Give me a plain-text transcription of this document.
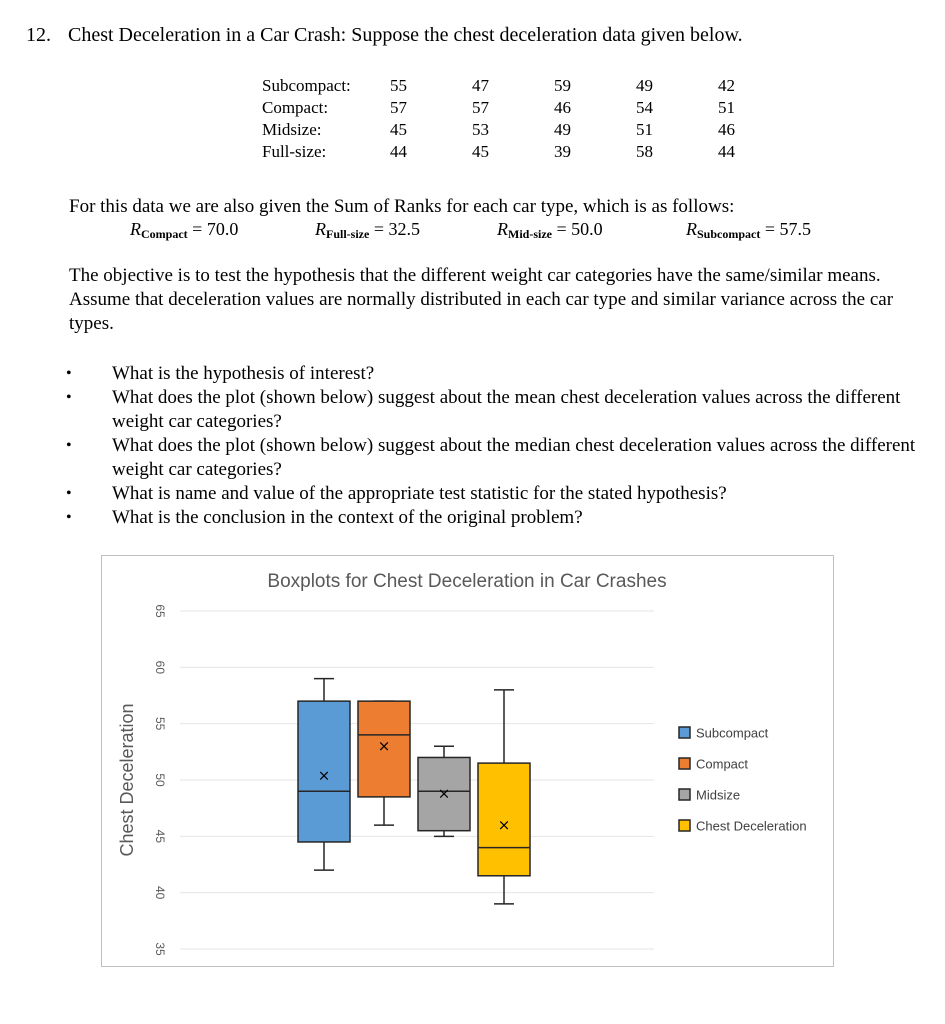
12. Chest Deceleration in a Car Crash: Suppose the chest deceleration data given below.
Subcompact:	55	47	59	49	42
Compact:	57	57	46	54	51
Midsize:	45	53	49	51	46
Full-size:	44	45	39	58	44
For this data we are also given the Sum of Ranks for each car type, which is as follows:
$R_{Compact} = 70.0$	$R_{Full-size} = 32.5$	$R_{Mid-size} = 50.0$	$R_{Subcompact} = 57.5$
The objective is to test the hypothesis that the different weight car categories have the same/similar means. Assume that deceleration values are normally distributed in each car type and similar variance across the car types.
• What is the hypothesis of interest?
• What does the plot (shown below) suggest about the mean chest deceleration values across the different weight car categories?
• What does the plot (shown below) suggest about the median chest deceleration values across the different weight car categories?
• What is name and value of the appropriate test statistic for the stated hypothesis?
• What is the conclusion in the context of the original problem?
Boxplots for Chest Deceleration in Car Crashes
Chest Deceleration
35
40
45
50
55
60
65
×
×
×
×
Subcompact
Compact
Midsize
Chest Deceleration
